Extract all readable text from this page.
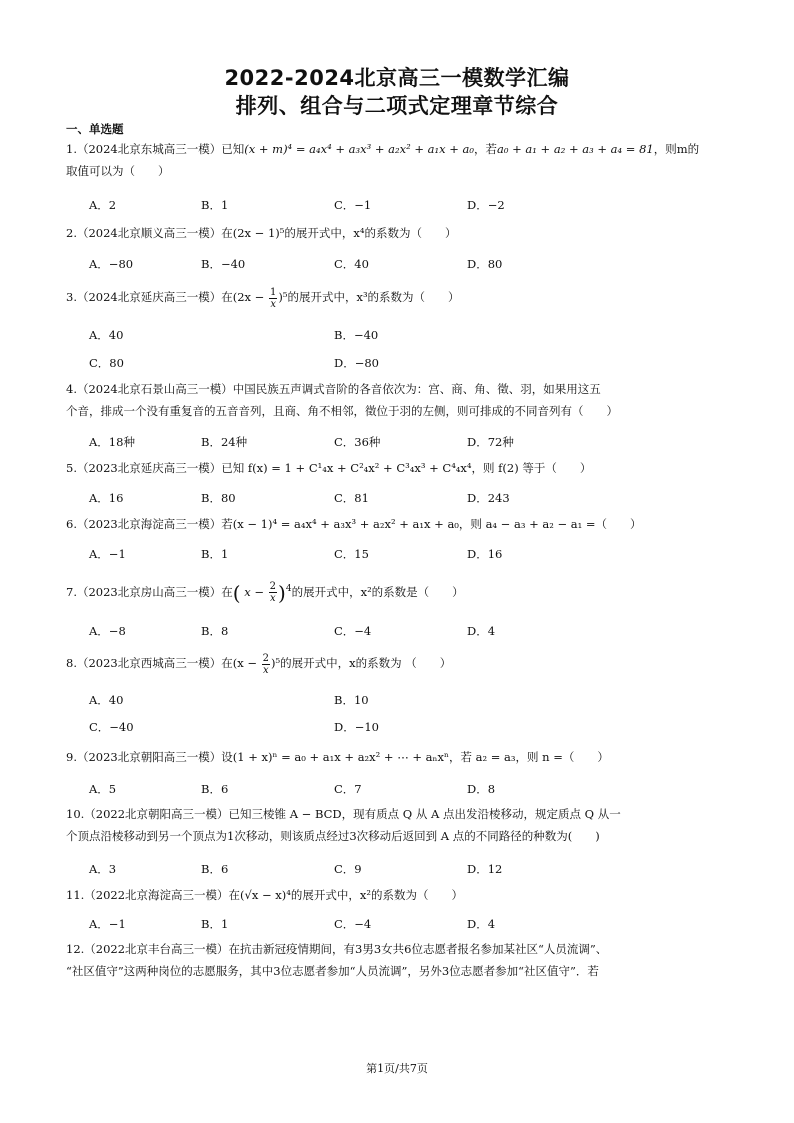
2022-2024北京高三一模数学汇编
排列、组合与二项式定理章节综合
一、单选题
1.（2024北京东城高三一模）已知(x + m)⁴ = a₄x⁴ + a₃x³ + a₂x² + a₁x + a₀，若a₀ + a₁ + a₂ + a₃ + a₄ = 81，则m的
取值可以为（　　）
A．2	B．1	C．−1	D．−2
2.（2024北京顺义高三一模）在(2x − 1)⁵的展开式中，x⁴的系数为（　　）
A．−80	B．−40	C．40	D．80
3.（2024北京延庆高三一模）在$(2x - \frac{1}{x} )^5$的展开式中，x³的系数为（　　）
A．40	B．−40
C．80	D．−80
4.（2024北京石景山高三一模）中国民族五声调式音阶的各音依次为：宫、商、角、徵、羽，如果用这五
个音，排成一个没有重复音的五音音列，且商、角不相邻，徵位于羽的左侧，则可排成的不同音列有（　　）
A．18种	B．24种	C．36种	D．72种
5.（2023北京延庆高三一模）已知 f(x) = 1 + C¹₄x + C²₄x² + C³₄x³ + C⁴₄x⁴，则 f(2) 等于（　　）
A．16	B．80	C．81	D．243
6.（2023北京海淀高三一模）若(x − 1)⁴ = a₄x⁴ + a₃x³ + a₂x² + a₁x + a₀，则 a₄ − a₃ + a₂ − a₁ =（　　）
A．−1	B．1	C．15	D．16
7.（2023北京房山高三一模）在( $x - \frac{2}{x} )^4$的展开式中，x²的系数是（　　）
A．−8	B．8	C．−4	D．4
8.（2023北京西城高三一模）在$(x - \frac{2}{x} )^5$的展开式中，x的系数为 （　　）
A．40	B．10
C．−40	D．−10
9.（2023北京朝阳高三一模）设(1 + x)ⁿ = a₀ + a₁x + a₂x² + ⋯ + aₙxⁿ，若 a₂ = a₃，则 n =（　　）
A．5	B．6	C．7	D．8
10.（2022北京朝阳高三一模）已知三棱锥 A − BCD，现有质点 Q 从 A 点出发沿棱移动，规定质点 Q 从一
个顶点沿棱移动到另一个顶点为1次移动，则该质点经过3次移动后返回到 A 点的不同路径的种数为(　　)
A．3	B．6	C．9	D．12
11.（2022北京海淀高三一模）在(√x − x)⁴的展开式中，x²的系数为（　　）
A．−1	B．1	C．−4	D．4
12.（2022北京丰台高三一模）在抗击新冠疫情期间，有3男3女共6位志愿者报名参加某社区“人员流调”、
“社区值守”这两种岗位的志愿服务，其中3位志愿者参加“人员流调”，另外3位志愿者参加“社区值守”．若
第1页/共7页
